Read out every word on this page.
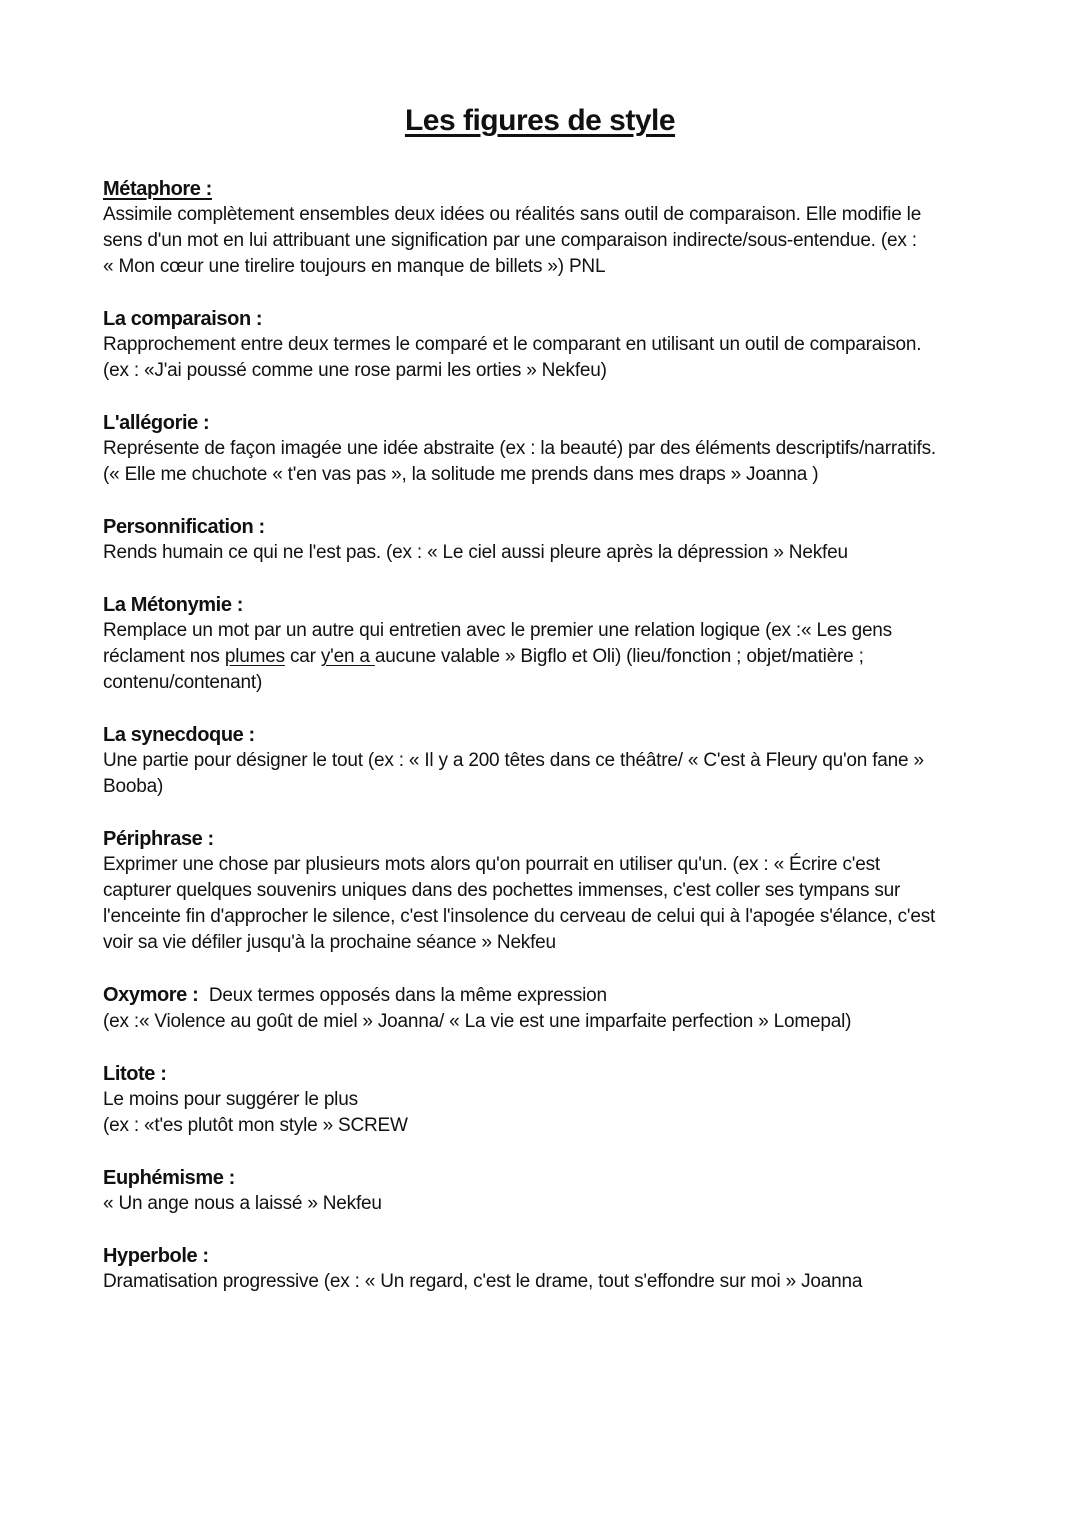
Les figures de style
Métaphore :
Assimile complètement ensembles deux idées ou réalités sans outil de comparaison. Elle modifie le
sens d'un mot en lui attribuant une signification par une comparaison indirecte/sous-entendue. (ex :
« Mon cœur une tirelire toujours en manque de billets ») PNL
La comparaison :
Rapprochement entre deux termes le comparé et le comparant en utilisant un outil de comparaison.
(ex : «J'ai poussé comme une rose parmi les orties » Nekfeu)
L'allégorie :
Représente de façon imagée une idée abstraite (ex : la beauté) par des éléments descriptifs/narratifs.
(« Elle me chuchote « t'en vas pas », la solitude me prends dans mes draps » Joanna )
Personnification :
Rends humain ce qui ne l'est pas. (ex : « Le ciel aussi pleure après la dépression » Nekfeu
La Métonymie :
Remplace un mot par un autre qui entretien avec le premier une relation logique (ex :« Les gens
réclament nos plumes car y'en a aucune valable » Bigflo et Oli) (lieu/fonction ; objet/matière ;
contenu/contenant)
La synecdoque :
Une partie pour désigner le tout (ex : « Il y a 200 têtes dans ce théâtre/ « C'est à Fleury qu'on fane »
Booba)
Périphrase :
Exprimer une chose par plusieurs mots alors qu'on pourrait en utiliser qu'un. (ex : « Écrire c'est
capturer quelques souvenirs uniques dans des pochettes immenses, c'est coller ses tympans sur
l'enceinte fin d'approcher le silence, c'est l'insolence du cerveau de celui qui à l'apogée s'élance, c'est
voir sa vie défiler jusqu'à la prochaine séance » Nekfeu
Oxymore : Deux termes opposés dans la même expression
(ex :« Violence au goût de miel » Joanna/ « La vie est une imparfaite perfection » Lomepal)
Litote :
Le moins pour suggérer le plus
(ex : «t'es plutôt mon style » SCREW
Euphémisme :
« Un ange nous a laissé » Nekfeu
Hyperbole :
Dramatisation progressive (ex : « Un regard, c'est le drame, tout s'effondre sur moi » Joanna
